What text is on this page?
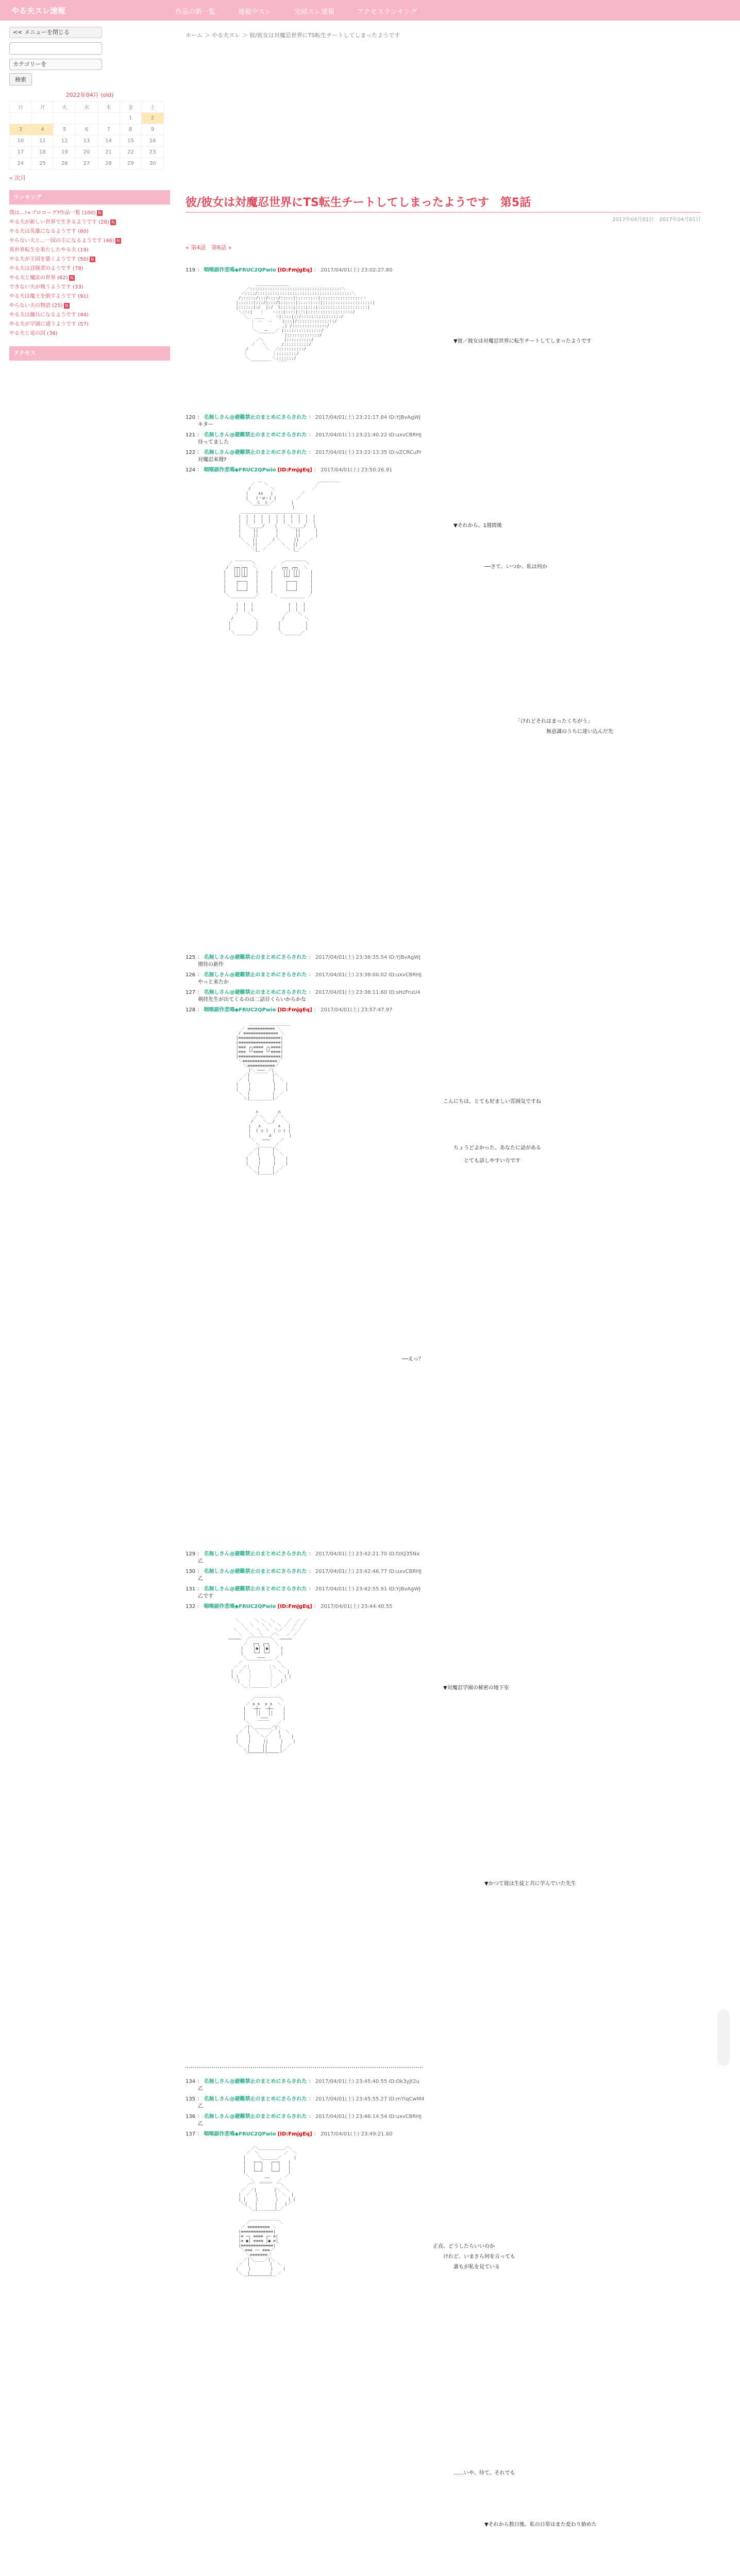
やる夫スレ速報	作品の新一覧	連載中スレ	完結スレ速報	アクセスランキング
<< メニューを閉じる
カテゴリーを
検索
2022年04月 (old)
日	月	火	水	木	金	土
					1	2
3	4	5	6	7	8	9
10	11	12	13	14	15	16
17	18	19	20	21	22	23
24	25	26	27	28	29	30
« 次月
ランキング
僕は…!+プロローグ?作品一覧 (100) N
やる夫が新しい世界で生きるようです (28) N
やる夫は英雄になるようです (60)
やらない夫と…一国の主になるようです (46) N
異世界転生を果たしたやる夫 (19)
やる夫が王国を築くようです (50) N
やる夫は冒険者のようです (78)
やる夫と魔法の世界 (62) N
できない夫が戦うようです (33)
やる夫は魔王を倒すようです (91)
やらない夫の物語 (25) N
やる夫は傭兵になるようです (44)
やる夫が学園に通うようです (57)
やる夫と竜の国 (36)
アクセス
ホーム ＞ やる夫スレ ＞ 彼/彼女は対魔忍世界にTS転生チートしてしまったようです
彼/彼女は対魔忍世界にTS転生チートしてしまったようです　第5話
2017年04月01日　2017年04月01日
« 第4話　第6話 »
119 ： 咽喉副作悲鳴◆FRUC2QPwio [ID:FmjgEq] ： 2017/04/01(土) 23:02:27.80

＿＿＿＿＿＿＿＿
／:::::::::::::::::::::::::::::::::::::＼
／::::/::::::::::::::::::::::::::::::::::::::＼
/::::::/:::/::::/:::::|:::::::::|:::::::::::::::::ヽ
|::::::|:::/|:::/l::::::|:::::::::|::::::::::::::::::::|
|::::::|:/  |:/  l:::::|::::|:::|::::::::::::::::::::|
＼:::|   ｜   ヽ:::|::::|:::|::::::::::::::::::/
＼_  ____    ヽ|::::|::/::::::::::::::::/
｜ ‐‐  ‐‐    |:::|/:::::::::::::::/
｜           ,| /::::::::::::::/
＼   ─   ／ |:::::::::::::::/
￣￣￣￣    |:::::::::::::/
／＼        |::::::::::/
／   ＼      /::::::::::/
/       ＼  ／::::::::::/
｜          ｜::::::::/
＼         ＼:::::::/
￣￣￣￣￣   ￣￣

▼彼／彼女は対魔忍世界に転生チートしてしまったようです

120 ： 名無しさん@避難禁止のまとめにさらされた ： 2017/04/01(土) 23:21:17.84 ID:YjBvAgWJ
キター
121 ： 名無しさん@避難禁止のまとめにさらされた ： 2017/04/01(土) 23:21:40.22 ID:uxvCBRHJ
待ってました
122 ： 名無しさん@避難禁止のまとめにさらされた ： 2017/04/01(土) 23:22:13.35 ID:vZCRCuPr
対魔忍来週?
124 ： 咽喉副作悲鳴◆FRUC2QPwio [ID:FmjgEq] ： 2017/04/01(土) 23:50:26.91

／ ￣ ＼                   ／￣￣￣￣￣
/        ＼               ／
|    ∧∧   |           ／
|   (・ω・) |        ／
＼  ⊂  ⊃ ／       |
￣￣￣￣         |
＿＿＿＿＿＿＿＿＿＿＿＿＿＿＿
|  |  |  |  |  |  |  |  |  |  |
|  |  |  |  |  |  |  |  |  |  |
|  ＼_____/    |    ＼_____/   |
|     ||       |       ||      |
|     ||       |       ||      |
＼   ||      / ＼     ||    ／
＼ ||    ／    ＼   ||  ／
＼|  ／        ＼ | ／
￣              ￣

／ ￣￣￣￣＼          ／￣￣￣￣￣＼
/  ┌┬┐┌┬┐  ＼      ／  ┌┬┐ ┌┬┐  ＼
|   ││││││   |     |    │││ │││    |
|   └┴┘└┴┘   |     |    └┴┘ └┴┘    |
|    ┌───┐   |     |     ┌───┐     |
|    │   │   |     |     │   │     |
|    └───┘   |     |     └───┘     |
＼          ／      ＼            ／
￣￣￣￣￣￣          ￣￣￣￣￣￣
|  |  |              |  |  |
|  |  |              |  |  |
／    ＼             ／    ＼
/        ＼          /        ＼
|          |        |          |
|          |        |          |
＼       ／         ＼       ／
￣￣￣￣             ￣￣￣￣

▼それから、1週間後

──さて、いつか、私は何か

「けれどそれはまったくちがう」

無意識のうちに迷い込んだ先

125 ： 名無しさん@避難禁止のまとめにさらされた ： 2017/04/01(土) 23:36:35.54 ID:YjBvAgWJ
期待の新作
126 ： 名無しさん@避難禁止のまとめにさらされた ： 2017/04/01(土) 23:38:00.02 ID:uxvCBRHJ
やっと来たか
127 ： 名無しさん@避難禁止のまとめにさらされた ： 2017/04/01(土) 23:38:11.60 ID:sHzFruU4
剣持先生が出てくるのは二話目くらいからかな
128 ： 咽喉副作悲鳴◆FRUC2QPwio [ID:FmjgEq] ： 2017/04/01(土) 23:57:47.97

＿＿＿＿＿＿＿＿＿＿
／ ≡≡≡≡≡≡≡≡≡≡≡ ＼
/ ≡≡≡≡≡≡≡≡≡≡≡≡≡≡ ＼
|≡≡≡≡≡≡≡≡≡≡≡≡≡≡≡≡≡|
|≡≡≡≡≡≡≡≡≡≡≡≡≡≡≡≡≡|
|≡≡≡ ┌┐≡≡≡≡ ┌┐≡≡≡≡|
|≡≡≡ └┘≡≡≡≡ └┘≡≡≡≡|
|≡≡≡≡≡≡≡≡≡≡≡≡≡≡≡≡≡|
＼≡≡≡≡≡≡≡≡≡≡≡≡≡≡／
＼≡≡≡≡≡≡≡≡≡≡≡／
|＼ ─── ／|
／|  ￣￣￣  |＼
／  |         |  ＼
|    |         |    |
|    |         |    |
＼  |         |  ／
＼|_________|／

∩        ∩
／ ＼    ／ ＼
/    ＼__/    ＼
|   ∧       ∧   |
|  ( ○ )  ( ○ ) |
|       ⊿       |
＼   ───    ／
＼      ／
／|￣￣￣|＼
／  |     |  ＼
|    |     |    |
|    |     |    |
＼  |     |  ／
＼|_____|／

こんにちは。とても好ましい雰囲気ですね

ちょうどよかった、あなたに話がある

とても話しやすい方です

──えっ？

129 ： 名無しさん@避難禁止のまとめにさらされた ： 2017/04/01(土) 23:42:21.70 ID:fzlQ35Nx
乙
130 ： 名無しさん@避難禁止のまとめにさらされた ： 2017/04/01(土) 23:42:46.77 ID:uxvCBRHJ
乙
131 ： 名無しさん@避難禁止のまとめにさらされた ： 2017/04/01(土) 23:42:55.91 ID:YjBvAgWJ
乙です
132 ： 咽喉副作悲鳴◆FRUC2QPwio [ID:FmjgEq] ： 2017/04/01(土) 23:44:40.55

＼      ＼ ＼  ＼     ／  ／ ／
＼  ＼   ＼ ＼  ＼ ／  ／ ／
＼   ＼   ＼  ＼  ＼／   ／ ／
＼   ＼  ＼   ／＼   ／ ／
─────  ／￣￣￣￣￣＼  ─────
／  ┌─┐ ┌─┐  ＼
|    │●│ │●│    |
|    └─┘ └─┘    |
＼    ───    ／
／  ￣￣￣￣￣￣  ＼
／  ／｜       ｜＼  ＼
|  ／  ｜       ｜  ＼  |
| |    ｜       ｜    | |
＼|   ｜       ｜   |／
＼_｜_______｜_／

／￣￣￣￣￣￣＼
／ ∧ ∧  ∧ ∧  ＼
|   ─┼─  ─┼─    |
|    ││   ││    |
|      ───      |
＼   ￣￣￣   ／
／|＼＿＿＿＿／|＼
／  |  ＼    ／  |  ＼
|    |    ＼／    |    |
|    |     ||     |    |
＼  |     ||     |  ／
＼|_____||_____|／
￣￣￣￣￣￣￣￣

▼対魔忍学園の秘密の地下室

▼かつて彼は生徒と共に学んでいた先生

134 ： 名無しさん@避難禁止のまとめにさらされた ： 2017/04/01(土) 23:45:40.55 ID:Ok3yJt2u
乙
135 ： 名無しさん@避難禁止のまとめにさらされた ： 2017/04/01(土) 23:45:55.27 ID:mYlqCwM4
乙
136 ： 名無しさん@避難禁止のまとめにさらされた ： 2017/04/01(土) 23:46:14.54 ID:uxvCBRHJ
乙
137 ： 咽喉副作悲鳴◆FRUC2QPwio [ID:FmjgEq] ： 2017/04/01(土) 23:49:21.60

／＼＿＿＿＿＿＿／＼
／  ＼          ／  ＼
|     ＼______／     |
|   ┌──┐   ┌──┐   |
|   │  │   │  │   |
|   └──┘   └──┘   |
＼      ‿‿      ／
＼  ＿＿＿  ／
／￣  ￣￣￣  ￣＼
／  ／|       |＼  ＼
|  ／  |       |  ＼  |
| |    |       |    | |
＼|   |       |   |／
＼_|_______|_／

／￣￣￣￣￣￣￣＼
／ ≡≡≡≡≡≡≡≡≡ ＼
|≡≡≡≡≡≡≡≡≡≡≡≡≡|
|≡ ─┐ ≡≡≡≡ ┌─ ≡|
|≡ ●│ ≡≡≡≡ │● ≡|
|≡≡≡≡≡≡≡≡≡≡≡≡≡|
＼≡≡≡ ── ≡≡≡／
＼≡≡≡≡≡≡≡／
／|＼____／|＼
／  |        |  ＼
|    |        |    |
＼  |________|  ／
￣￣￣￣￣￣￣￣

正直、どうしたらいいのか

けれど、いまさら何を言っても

誰もが私を見ている

……いや、待て。それでも

▼それから数日後、私の日常はまた変わり始めた
